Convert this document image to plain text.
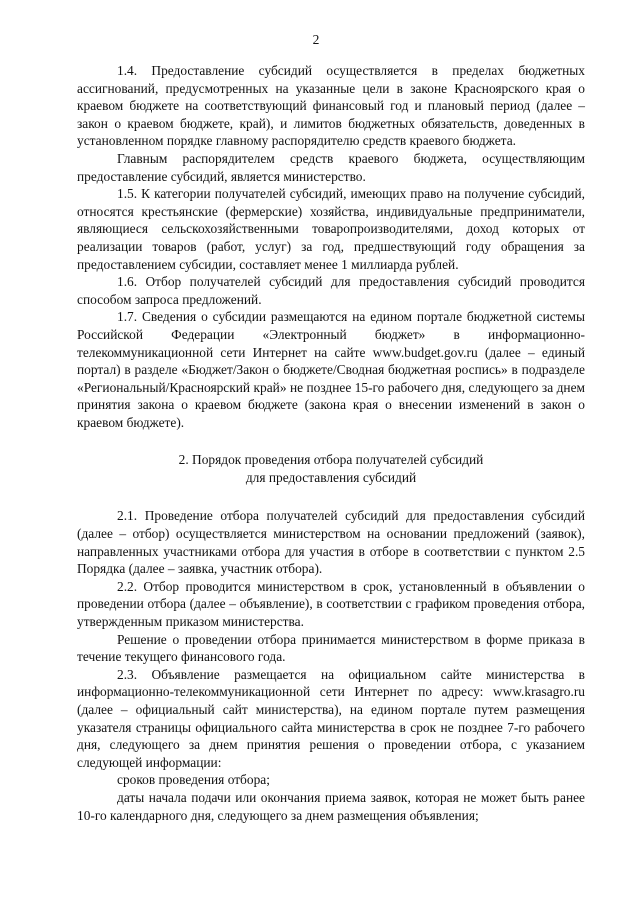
2

1.4. Предоставление субсидий осуществляется в пределах бюджетных ассигнований, предусмотренных на указанные цели в законе Красноярского края о краевом бюджете на соответствующий финансовый год и плановый период (далее – закон о краевом бюджете, край), и лимитов бюджетных обязательств, доведенных в установленном порядке главному распорядителю средств краевого бюджета.

Главным распорядителем средств краевого бюджета, осуществляющим предоставление субсидий, является министерство.

1.5. К категории получателей субсидий, имеющих право на получение субсидий, относятся крестьянские (фермерские) хозяйства, индивидуальные предприниматели, являющиеся сельскохозяйственными товаропроизводителями, доход которых от реализации товаров (работ, услуг) за год, предшествующий году обращения за предоставлением субсидии, составляет менее 1 миллиарда рублей.

1.6. Отбор получателей субсидий для предоставления субсидий проводится способом запроса предложений.

1.7. Сведения о субсидии размещаются на едином портале бюджетной системы Российской Федерации «Электронный бюджет» в информационно-телекоммуникационной сети Интернет на сайте www.budget.gov.ru (далее – единый портал) в разделе «Бюджет/Закон о бюджете/Сводная бюджетная роспись» в подразделе «Региональный/Красноярский край» не позднее 15-го рабочего дня, следующего за днем принятия закона о краевом бюджете (закона края о внесении изменений в закон о краевом бюджете).

2. Порядок проведения отбора получателей субсидий
для предоставления субсидий

2.1. Проведение отбора получателей субсидий для предоставления субсидий (далее – отбор) осуществляется министерством на основании предложений (заявок), направленных участниками отбора для участия в отборе в соответствии с пунктом 2.5 Порядка (далее – заявка, участник отбора).

2.2. Отбор проводится министерством в срок, установленный в объявлении о проведении отбора (далее – объявление), в соответствии с графиком проведения отбора, утвержденным приказом министерства.

Решение о проведении отбора принимается министерством в форме приказа в течение текущего финансового года.

2.3. Объявление размещается на официальном сайте министерства в информационно-телекоммуникационной сети Интернет по адресу: www.krasagro.ru (далее – официальный сайт министерства), на едином портале путем размещения указателя страницы официального сайта министерства в срок не позднее 7-го рабочего дня, следующего за днем принятия решения о проведении отбора, с указанием следующей информации:

сроков проведения отбора;

даты начала подачи или окончания приема заявок, которая не может быть ранее 10-го календарного дня, следующего за днем размещения объявления;
